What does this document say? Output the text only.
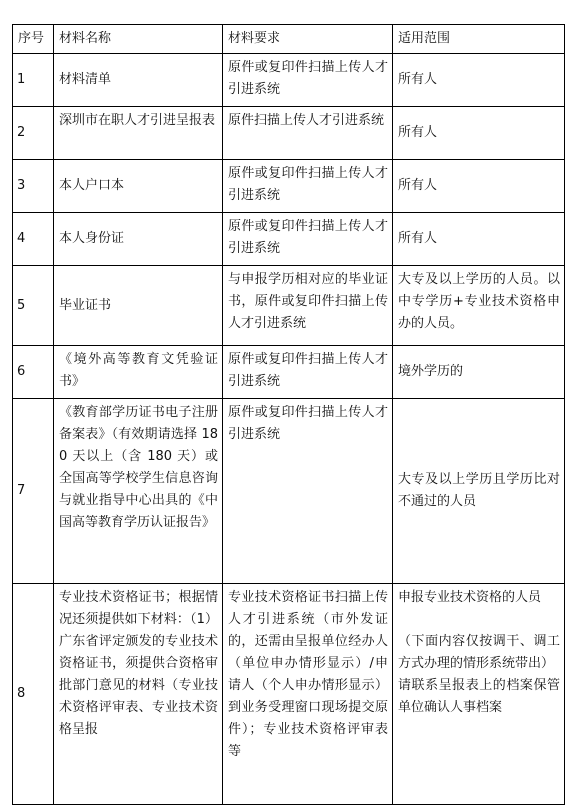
序号	材料名称	材料要求	适用范围
1	材料清单	原件或复印件扫描上传人才引进系统	所有人
2	深圳市在职人才引进呈报表	原件扫描上传人才引进系统	所有人
3	本人户口本	原件或复印件扫描上传人才引进系统	所有人
4	本人身份证	原件或复印件扫描上传人才引进系统	所有人
5	毕业证书	与申报学历相对应的毕业证书，原件或复印件扫描上传人才引进系统	大专及以上学历的人员。以中专学历+专业技术资格申办的人员。
6	《境外高等教育文凭验证书》	原件或复印件扫描上传人才引进系统	境外学历的
7	《教育部学历证书电子注册备案表》（有效期请选择 180 天以上（含 180 天）或全国高等学校学生信息咨询与就业指导中心出具的《中国高等教育学历认证报告》	原件或复印件扫描上传人才引进系统	大专及以上学历且学历比对不通过的人员
8	专业技术资格证书；根据情况还须提供如下材料：（1）广东省评定颁发的专业技术资格证书，须提供合资格审批部门意见的材料（专业技术资格评审表、专业技术资格呈报	专业技术资格证书扫描上传人才引进系统（市外发证的，还需由呈报单位经办人（单位申办情形显示）/申请人（个人申办情形显示）到业务受理窗口现场提交原件）；专业技术资格评审表等	申报专业技术资格的人员
（下面内容仅按调干、调工方式办理的情形系统带出）
请联系呈报表上的档案保管单位确认人事档案
